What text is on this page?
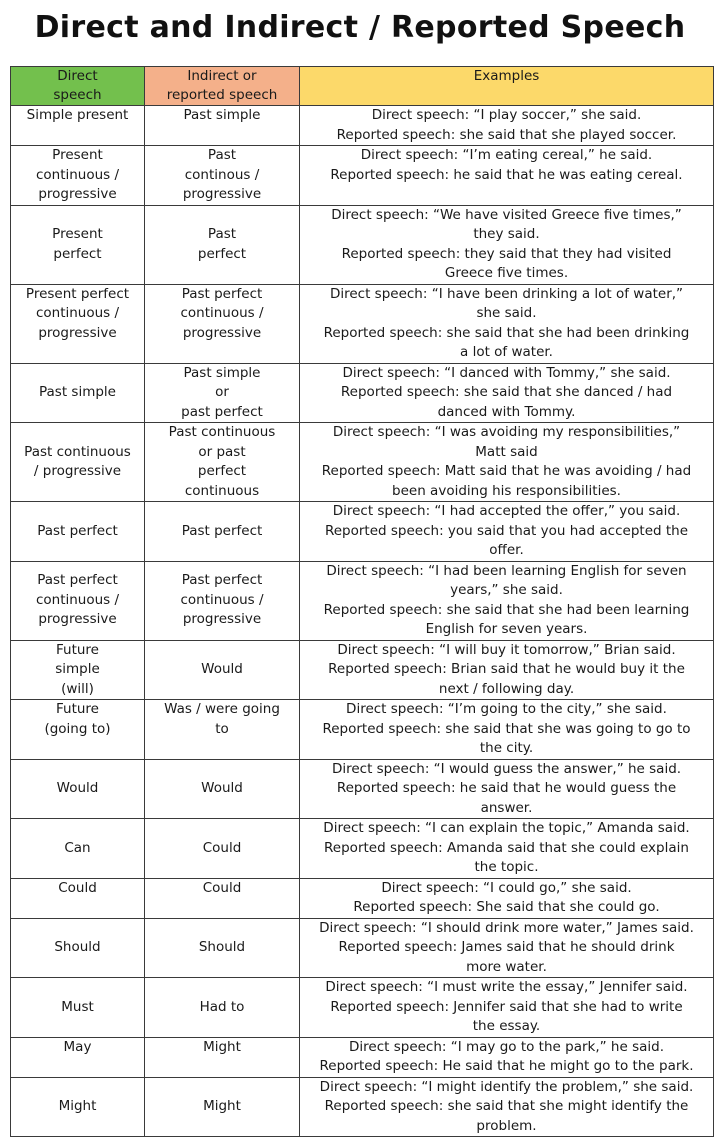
Direct and Indirect / Reported Speech
Direct
speech	Indirect or
reported speech	Examples

Simple present	Past simple	Direct speech: “I play soccer,” she said.
Reported speech: she said that she played soccer.

Present
continuous /
progressive	Past
continous /
progressive	Direct speech: “I’m eating cereal,” he said.
Reported speech: he said that he was eating cereal.

Present
perfect	Past
perfect	Direct speech: “We have visited Greece five times,”
they said.
Reported speech: they said that they had visited
Greece five times.

Present perfect
continuous /
progressive	Past perfect
continuous /
progressive	Direct speech: “I have been drinking a lot of water,”
she said.
Reported speech: she said that she had been drinking
a lot of water.

Past simple	Past simple
or
past perfect	Direct speech: “I danced with Tommy,” she said.
Reported speech: she said that she danced / had
danced with Tommy.

Past continuous
/ progressive	Past continuous
or past
perfect
continuous	Direct speech: “I was avoiding my responsibilities,”
Matt said
Reported speech: Matt said that he was avoiding / had
been avoiding his responsibilities.

Past perfect	Past perfect	Direct speech: “I had accepted the offer,” you said.
Reported speech: you said that you had accepted the
offer.

Past perfect
continuous /
progressive	Past perfect
continuous /
progressive	Direct speech: “I had been learning English for seven
years,” she said.
Reported speech: she said that she had been learning
English for seven years.

Future
simple
(will)	Would	Direct speech: “I will buy it tomorrow,” Brian said.
Reported speech: Brian said that he would buy it the
next / following day.

Future
(going to)	Was / were going
to	Direct speech: “I’m going to the city,” she said.
Reported speech: she said that she was going to go to
the city.

Would	Would	Direct speech: “I would guess the answer,” he said.
Reported speech: he said that he would guess the
answer.

Can	Could	Direct speech: “I can explain the topic,” Amanda said.
Reported speech: Amanda said that she could explain
the topic.

Could	Could	Direct speech: “I could go,” she said.
Reported speech: She said that she could go.

Should	Should	Direct speech: “I should drink more water,” James said.
Reported speech: James said that he should drink
more water.

Must	Had to	Direct speech: “I must write the essay,” Jennifer said.
Reported speech: Jennifer said that she had to write
the essay.

May	Might	Direct speech: “I may go to the park,” he said.
Reported speech: He said that he might go to the park.

Might	Might	Direct speech: “I might identify the problem,” she said.
Reported speech: she said that she might identify the
problem.
